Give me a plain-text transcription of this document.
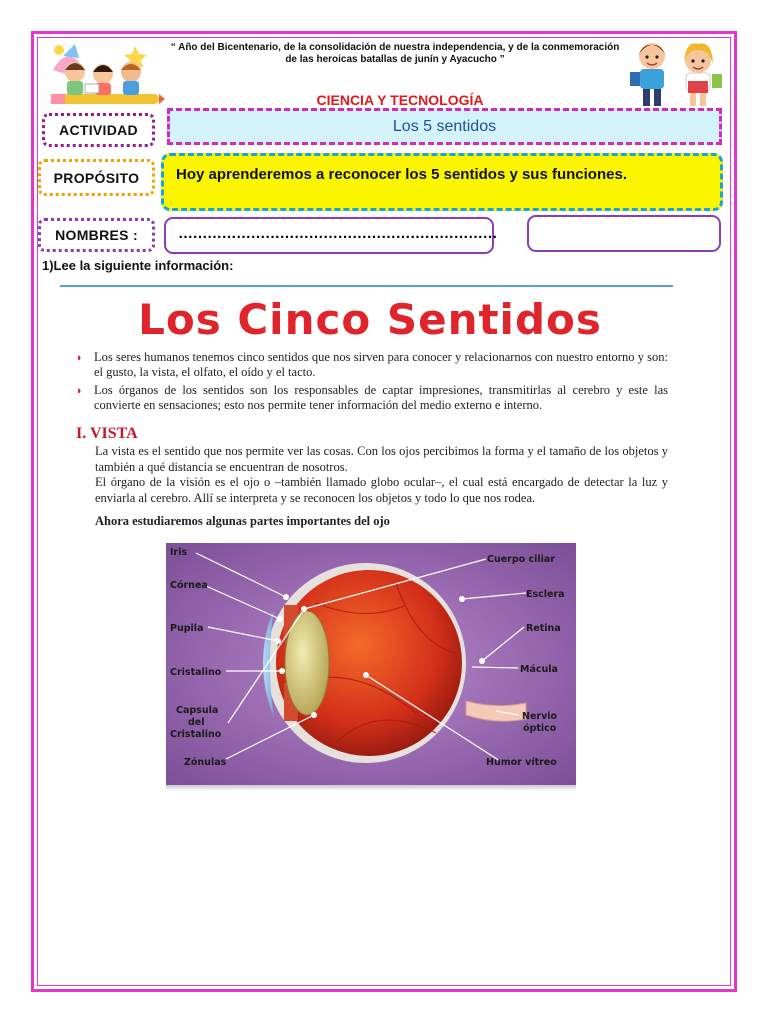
“ Año del Bicentenario, de la consolidación de nuestra independencia, y de la conmemoración
de las heroicas batallas de junín y Ayacucho ”
CIENCIA Y TECNOLOGÍA
ACTIVIDAD	Los 5 sentidos
PROPÓSITO	Hoy aprenderemos a reconocer los 5 sentidos y sus funciones.
NOMBRES :	…………………………………………………………
1)Lee la siguiente información:
Los Cinco Sentidos
◗ Los seres humanos tenemos cinco sentidos que nos sirven para conocer y relacionarnos con nuestro entorno y son: el gusto, la vista, el olfato, el oído y el tacto.
◗ Los órganos de los sentidos son los responsables de captar impresiones, transmitirlas al cerebro y este las convierte en sensaciones; esto nos permite tener información del medio externo e interno.
I. VISTA

La vista es el sentido que nos permite ver las cosas. Con los ojos percibimos la forma y el tamaño de los objetos y también a qué distancia se encuentran de nosotros.

El órgano de la visión es el ojo o –también llamado globo ocular–, el cual está encargado de detectar la luz y enviarla al cerebro. Allí se interpreta y se reconocen los objetos y todo lo que nos rodea.

Ahora estudiaremos algunas partes importantes del ojo
Iris
Córnea
Pupila
Cristalino
Capsula
del
Cristalino
Zónulas
Cuerpo ciliar
Esclera
Retina
Mácula
Nervio
óptico
Humor vítreo
